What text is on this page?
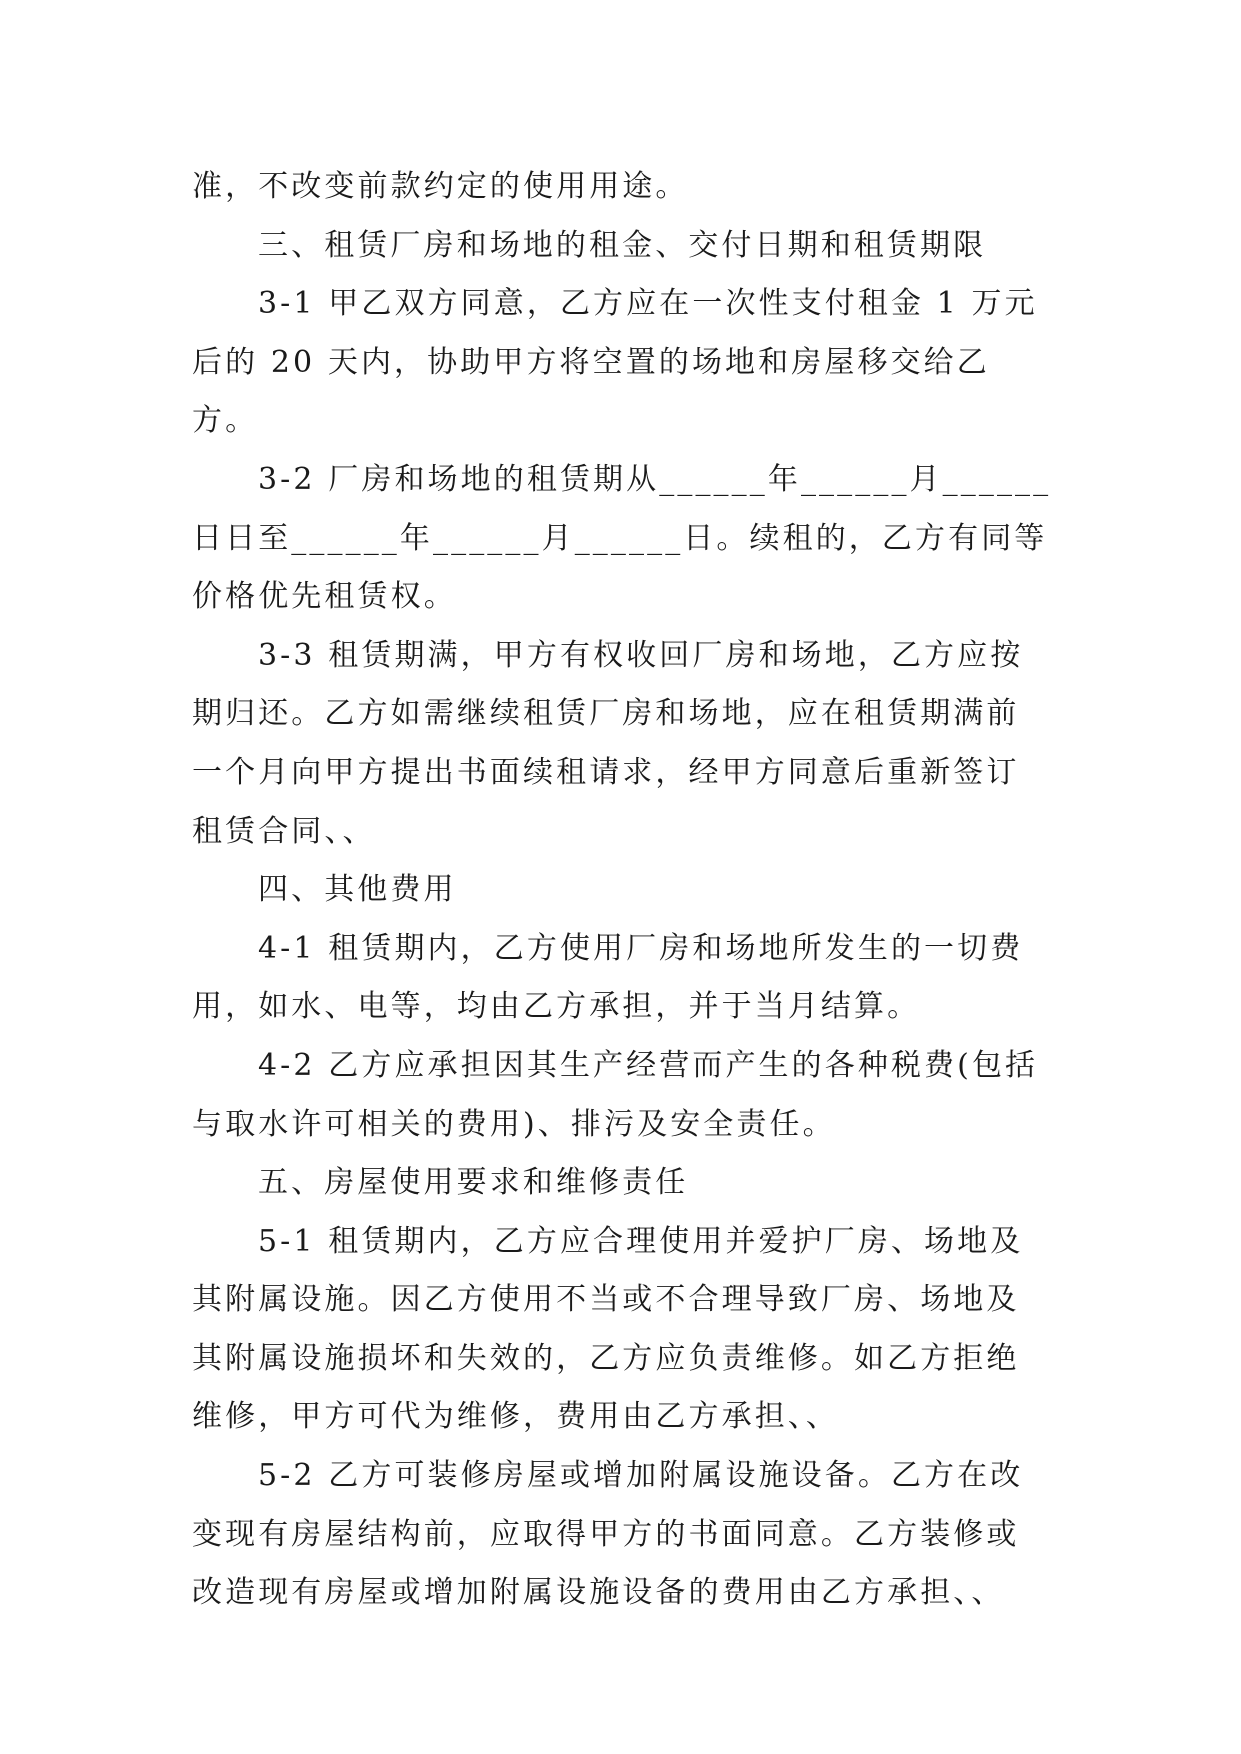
准，不改变前款约定的使用用途。

三、租赁厂房和场地的租金、交付日期和租赁期限

3-1 甲乙双方同意，乙方应在一次性支付租金 1 万元后的 20 天内，协助甲方将空置的场地和房屋移交给乙方。

3-2 厂房和场地的租赁期从______年______月______日日至______年______月______日。续租的，乙方有同等价格优先租赁权。

3-3 租赁期满，甲方有权收回厂房和场地，乙方应按期归还。乙方如需继续租赁厂房和场地，应在租赁期满前一个月向甲方提出书面续租请求，经甲方同意后重新签订租赁合同、、

四、其他费用

4-1 租赁期内，乙方使用厂房和场地所发生的一切费用，如水、电等，均由乙方承担，并于当月结算。

4-2 乙方应承担因其生产经营而产生的各种税费(包括与取水许可相关的费用)、排污及安全责任。

五、房屋使用要求和维修责任

5-1 租赁期内，乙方应合理使用并爱护厂房、场地及其附属设施。因乙方使用不当或不合理导致厂房、场地及其附属设施损坏和失效的，乙方应负责维修。如乙方拒绝维修，甲方可代为维修，费用由乙方承担、、

5-2 乙方可装修房屋或增加附属设施设备。乙方在改变现有房屋结构前，应取得甲方的书面同意。乙方装修或改造现有房屋或增加附属设施设备的费用由乙方承担、、
